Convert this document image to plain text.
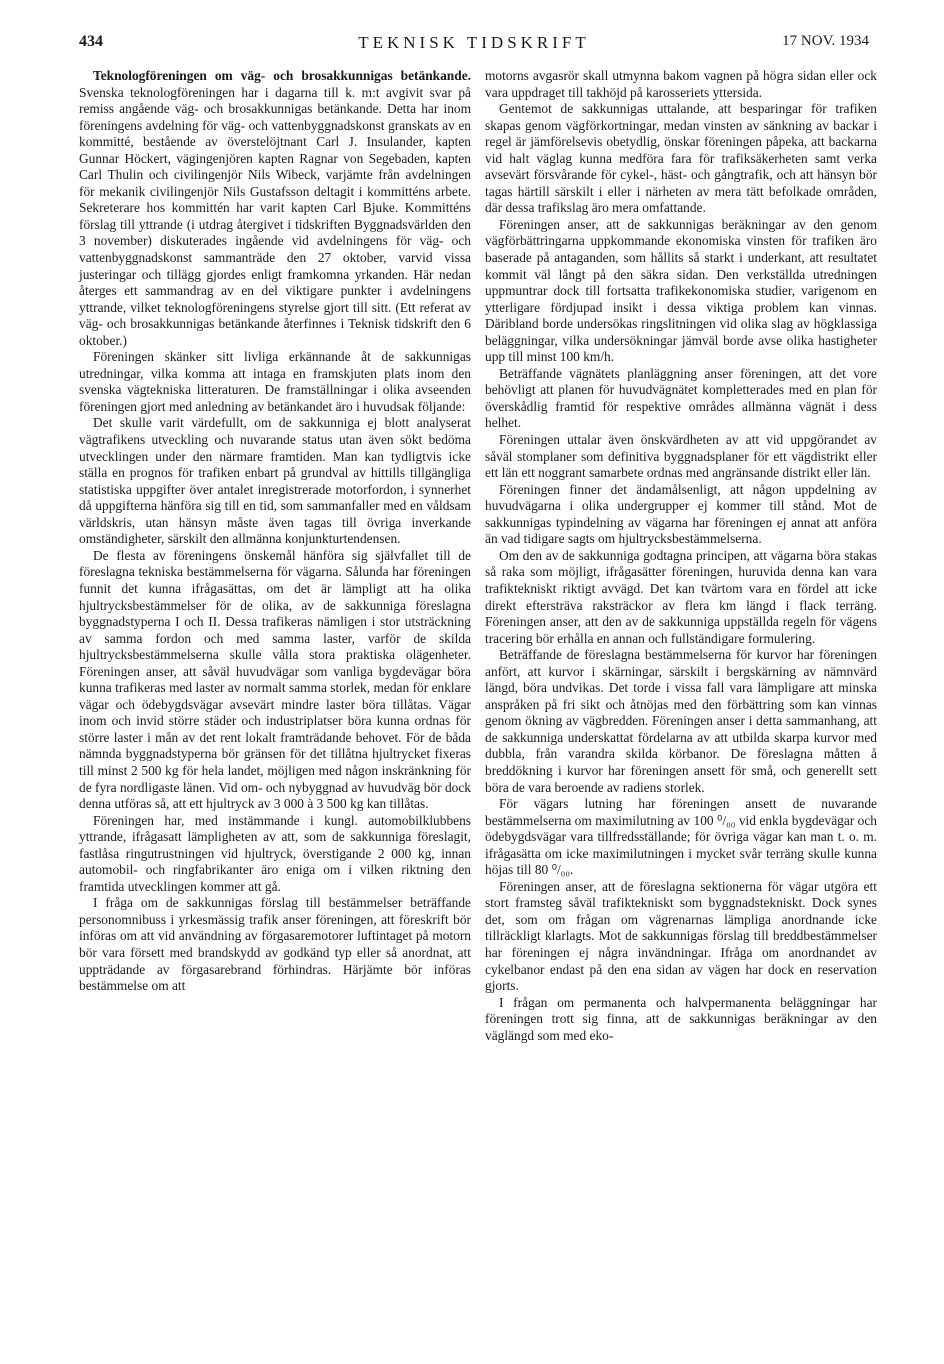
434	TEKNISK TIDSKRIFT	17 NOV. 1934

Teknologföreningen om väg- och brosakkunnigas betänkande. Svenska teknologföreningen har i dagarna till k. m:t avgivit svar på remiss angående väg- och brosakkunnigas betänkande. Detta har inom föreningens avdelning för väg- och vattenbyggnadskonst granskats av en kommitté, bestående av överstelöjtnant Carl J. Insulander, kapten Gunnar Höckert, vägingenjören kapten Ragnar von Segebaden, kapten Carl Thulin och civilingenjör Nils Wibeck, varjämte från avdelningen för mekanik civilingenjör Nils Gustafsson deltagit i kommitténs arbete. Sekreterare hos kommittén har varit kapten Carl Bjuke. Kommitténs förslag till yttrande (i utdrag återgivet i tidskriften Byggnadsvärlden den 3 november) diskuterades ingående vid avdelningens för väg- och vattenbyggnadskonst sammanträde den 27 oktober, varvid vissa justeringar och tillägg gjordes enligt framkomna yrkanden. Här nedan återges ett sammandrag av en del viktigare punkter i avdelningens yttrande, vilket teknologföreningens styrelse gjort till sitt. (Ett referat av väg- och brosakkunnigas betänkande återfinnes i Teknisk tidskrift den 6 oktober.)

Föreningen skänker sitt livliga erkännande åt de sakkunnigas utredningar, vilka komma att intaga en framskjuten plats inom den svenska vägtekniska litteraturen. De framställningar i olika avseenden föreningen gjort med anledning av betänkandet äro i huvudsak följande:

Det skulle varit värdefullt, om de sakkunniga ej blott analyserat vägtrafikens utveckling och nuvarande status utan även sökt bedöma utvecklingen under den närmare framtiden. Man kan tydligtvis icke ställa en prognos för trafiken enbart på grundval av hittills tillgängliga statistiska uppgifter över antalet inregistrerade motorfordon, i synnerhet då uppgifterna hänföra sig till en tid, som sammanfaller med en våldsam världskris, utan hänsyn måste även tagas till övriga inverkande omständigheter, särskilt den allmänna konjunkturtendensen.

De flesta av föreningens önskemål hänföra sig självfallet till de föreslagna tekniska bestämmelserna för vägarna. Sålunda har föreningen funnit det kunna ifrågasättas, om det är lämpligt att ha olika hjultrycksbestämmelser för de olika, av de sakkunniga föreslagna byggnadstyperna I och II. Dessa trafikeras nämligen i stor utsträckning av samma fordon och med samma laster, varför de skilda hjultrycksbestämmelserna skulle vålla stora praktiska olägenheter. Föreningen anser, att såväl huvudvägar som vanliga bygdevägar böra kunna trafikeras med laster av normalt samma storlek, medan för enklare vägar och ödebygdsvägar avsevärt mindre laster böra tillåtas. Vägar inom och invid större städer och industriplatser böra kunna ordnas för större laster i mån av det rent lokalt framträdande behovet. För de båda nämnda byggnadstyperna bör gränsen för det tillåtna hjultrycket fixeras till minst 2 500 kg för hela landet, möjligen med någon inskränkning för de fyra nordligaste länen. Vid om- och nybyggnad av huvudväg bör dock denna utföras så, att ett hjultryck av 3 000 à 3 500 kg kan tillåtas.

Föreningen har, med instämmande i kungl. automobilklubbens yttrande, ifrågasatt lämpligheten av att, som de sakkunniga föreslagit, fastlåsa ringutrustningen vid hjultryck, överstigande 2 000 kg, innan automobil- och ringfabrikanter äro eniga om i vilken riktning den framtida utvecklingen kommer att gå.

I fråga om de sakkunnigas förslag till bestämmelser beträffande personomnibuss i yrkesmässig trafik anser föreningen, att föreskrift bör införas om att vid användning av förgasaremotorer luftintaget på motorn bör vara försett med brandskydd av godkänd typ eller så anordnat, att uppträdande av förgasarebrand förhindras. Härjämte bör införas bestämmelse om att

motorns avgasrör skall utmynna bakom vagnen på högra sidan eller ock vara uppdraget till takhöjd på karosseriets yttersida.

Gentemot de sakkunnigas uttalande, att besparingar för trafiken skapas genom vägförkortningar, medan vinsten av sänkning av backar i regel är jämförelsevis obetydlig, önskar föreningen påpeka, att backarna vid halt väglag kunna medföra fara för trafiksäkerheten samt verka avsevärt försvårande för cykel-, häst- och gångtrafik, och att hänsyn bör tagas härtill särskilt i eller i närheten av mera tätt befolkade områden, där dessa trafikslag äro mera omfattande.

Föreningen anser, att de sakkunnigas beräkningar av den genom vägförbättringarna uppkommande ekonomiska vinsten för trafiken äro baserade på antaganden, som hållits så starkt i underkant, att resultatet kommit väl långt på den säkra sidan. Den verkställda utredningen uppmuntrar dock till fortsatta trafikekonomiska studier, varigenom en ytterligare fördjupad insikt i dessa viktiga problem kan vinnas. Däribland borde undersökas ringslitningen vid olika slag av högklassiga beläggningar, vilka undersökningar jämväl borde avse olika hastigheter upp till minst 100 km/h.

Beträffande vägnätets planläggning anser föreningen, att det vore behövligt att planen för huvudvägnätet kompletterades med en plan för överskådlig framtid för respektive områdes allmänna vägnät i dess helhet.

Föreningen uttalar även önskvärdheten av att vid uppgörandet av såväl stomplaner som definitiva byggnadsplaner för ett vägdistrikt eller ett län ett noggrant samarbete ordnas med angränsande distrikt eller län.

Föreningen finner det ändamålsenligt, att någon uppdelning av huvudvägarna i olika undergrupper ej kommer till stånd. Mot de sakkunnigas typindelning av vägarna har föreningen ej annat att anföra än vad tidigare sagts om hjultrycksbestämmelserna.

Om den av de sakkunniga godtagna principen, att vägarna böra stakas så raka som möjligt, ifrågasätter föreningen, huruvida denna kan vara trafiktekniskt riktigt avvägd. Det kan tvärtom vara en fördel att icke direkt eftersträva raksträckor av flera km längd i flack terräng. Föreningen anser, att den av de sakkunniga uppställda regeln för vägens tracering bör erhålla en annan och fullständigare formulering.

Beträffande de föreslagna bestämmelserna för kurvor har föreningen anfört, att kurvor i skärningar, särskilt i bergskärning av nämnvärd längd, böra undvikas. Det torde i vissa fall vara lämpligare att minska anspråken på fri sikt och åtnöjas med den förbättring som kan vinnas genom ökning av vägbredden. Föreningen anser i detta sammanhang, att de sakkunniga underskattat fördelarna av att utbilda skarpa kurvor med dubbla, från varandra skilda körbanor. De föreslagna måtten å breddökning i kurvor har föreningen ansett för små, och generellt sett böra de vara beroende av radiens storlek.

För vägars lutning har föreningen ansett de nuvarande bestämmelserna om maximilutning av 100 ⁰/₀₀ vid enkla bygdevägar och ödebygdsvägar vara tillfredsställande; för övriga vägar kan man t. o. m. ifrågasätta om icke maximilutningen i mycket svår terräng skulle kunna höjas till 80 ⁰/₀₀.

Föreningen anser, att de föreslagna sektionerna för vägar utgöra ett stort framsteg såväl trafiktekniskt som byggnadstekniskt. Dock synes det, som om frågan om vägrenarnas lämpliga anordnande icke tillräckligt klarlagts. Mot de sakkunnigas förslag till breddbestämmelser har föreningen ej några invändningar. Ifråga om anordnandet av cykelbanor endast på den ena sidan av vägen har dock en reservation gjorts.

I frågan om permanenta och halvpermanenta beläggningar har föreningen trott sig finna, att de sakkunnigas beräkningar av den väglängd som med eko-
